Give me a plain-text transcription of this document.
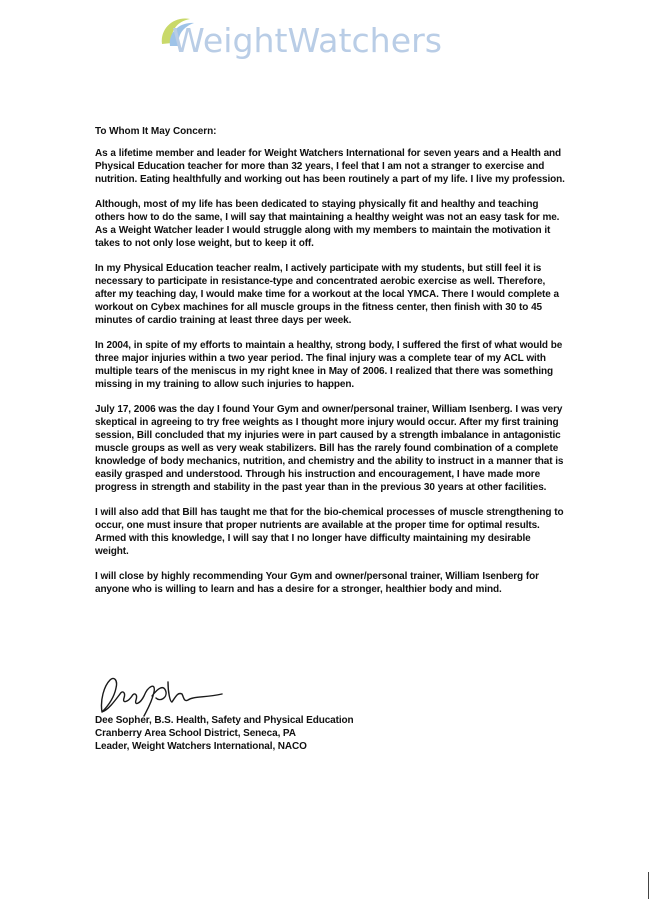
WeightWatchers

To Whom It May Concern:

As a lifetime member and leader for Weight Watchers International for seven years and a Health and Physical Education teacher for more than 32 years, I feel that I am not a stranger to exercise and nutrition. Eating healthfully and working out has been routinely a part of my life. I live my profession.

Although, most of my life has been dedicated to staying physically fit and healthy and teaching others how to do the same, I will say that maintaining a healthy weight was not an easy task for me. As a Weight Watcher leader I would struggle along with my members to maintain the motivation it takes to not only lose weight, but to keep it off.

In my Physical Education teacher realm, I actively participate with my students, but still feel it is necessary to participate in resistance-type and concentrated aerobic exercise as well. Therefore, after my teaching day, I would make time for a workout at the local YMCA. There I would complete a workout on Cybex machines for all muscle groups in the fitness center, then finish with 30 to 45 minutes of cardio training at least three days per week.

In 2004, in spite of my efforts to maintain a healthy, strong body, I suffered the first of what would be three major injuries within a two year period. The final injury was a complete tear of my ACL with multiple tears of the meniscus in my right knee in May of 2006. I realized that there was something missing in my training to allow such injuries to happen.

July 17, 2006 was the day I found Your Gym and owner/personal trainer, William Isenberg. I was very skeptical in agreeing to try free weights as I thought more injury would occur. After my first training session, Bill concluded that my injuries were in part caused by a strength imbalance in antagonistic muscle groups as well as very weak stabilizers. Bill has the rarely found combination of a complete knowledge of body mechanics, nutrition, and chemistry and the ability to instruct in a manner that is easily grasped and understood. Through his instruction and encouragement, I have made more progress in strength and stability in the past year than in the previous 30 years at other facilities.

I will also add that Bill has taught me that for the bio-chemical processes of muscle strengthening to occur, one must insure that proper nutrients are available at the proper time for optimal results. Armed with this knowledge, I will say that I no longer have difficulty maintaining my desirable weight.

I will close by highly recommending Your Gym and owner/personal trainer, William Isenberg for anyone who is willing to learn and has a desire for a stronger, healthier body and mind.

Dee Sopher, B.S. Health, Safety and Physical Education
Cranberry Area School District, Seneca, PA
Leader, Weight Watchers International, NACO
